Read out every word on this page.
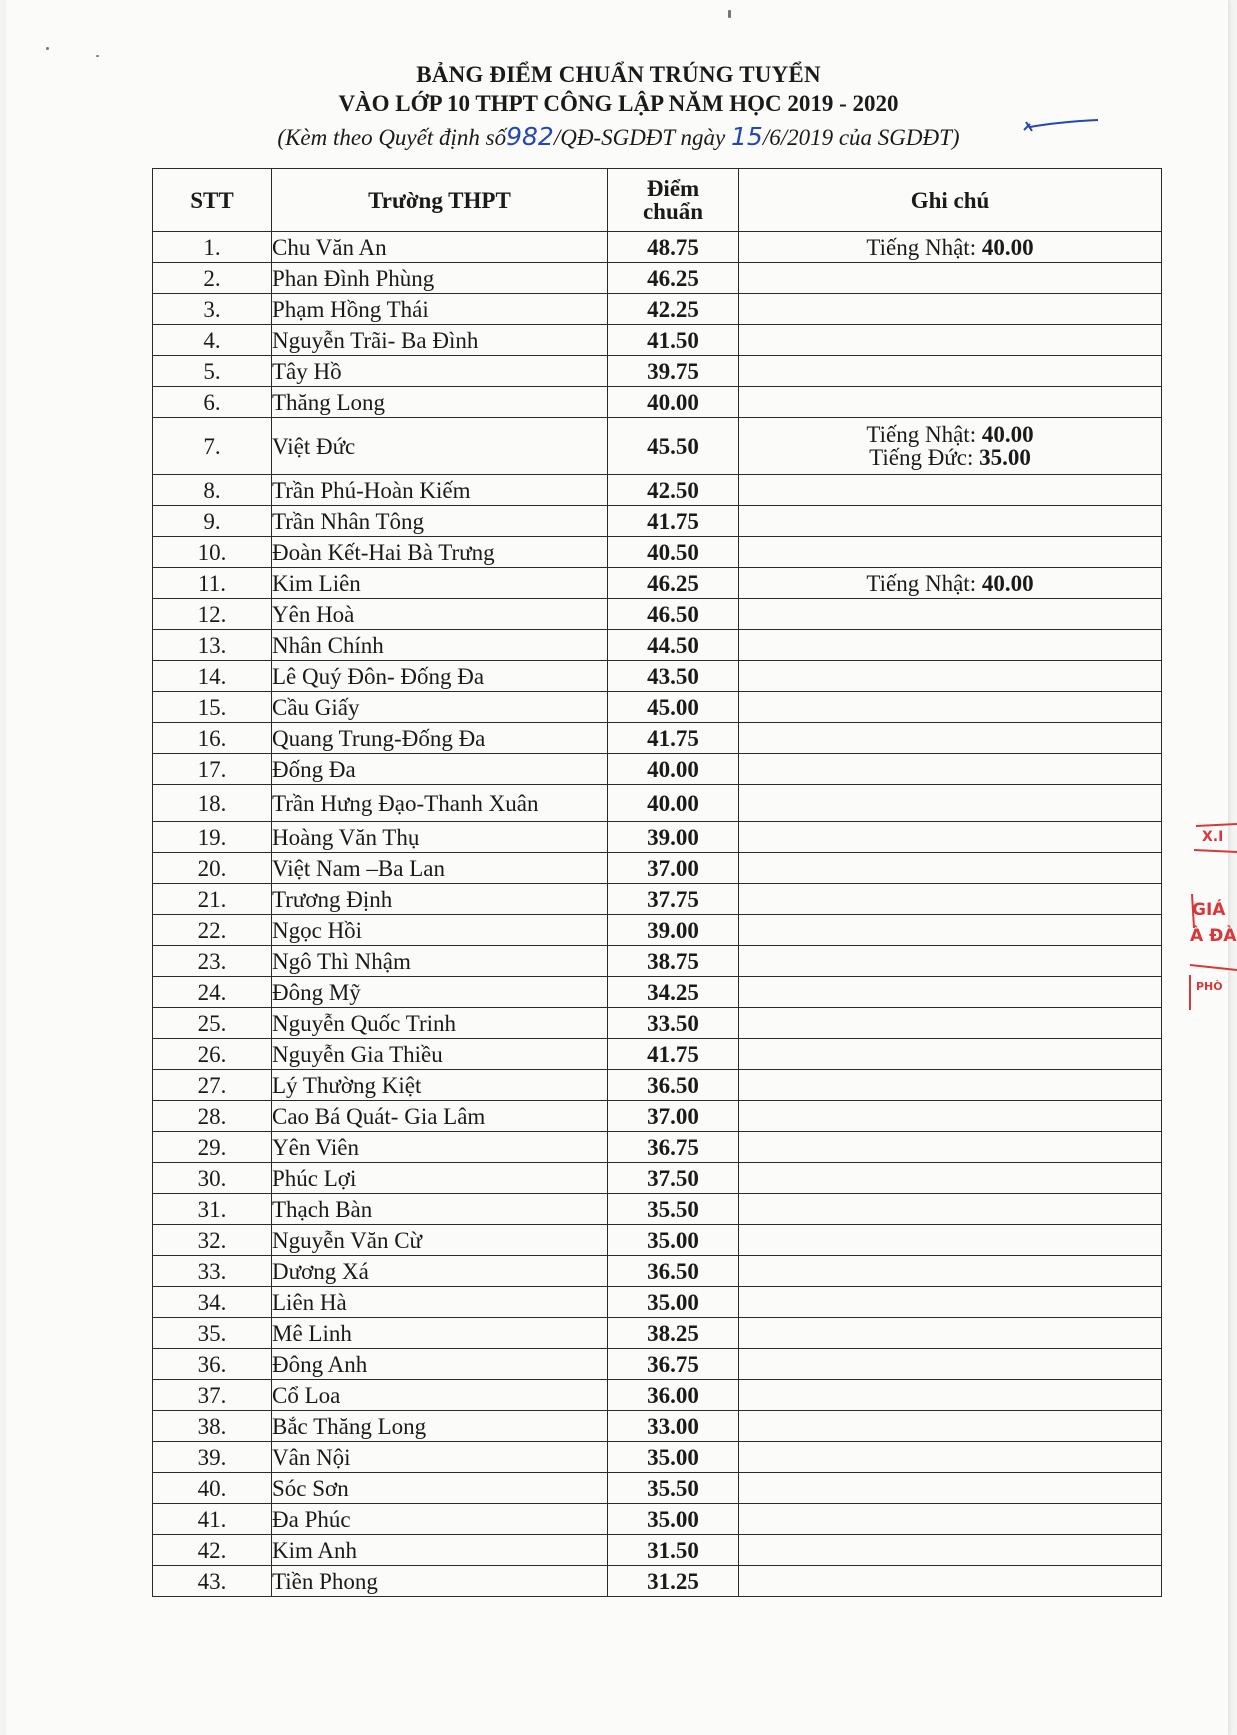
BẢNG ĐIỂM CHUẨN TRÚNG TUYỂN
VÀO LỚP 10 THPT CÔNG LẬP NĂM HỌC 2019 - 2020
(Kèm theo Quyết định số982/QĐ-SGDĐT ngày 15/6/2019 của SGDĐT)
STT	Trường THPT	Điểm chuẩn	Ghi chú
1.	Chu Văn An	48.75	Tiếng Nhật: 40.00

2.	Phan Đình Phùng	46.25	
3.	Phạm Hồng Thái	42.25	
4.	Nguyễn Trãi- Ba Đình	41.50	
5.	Tây Hồ	39.75	
6.	Thăng Long	40.00	
7.	Việt Đức	45.50	Tiếng Nhật: 40.00
Tiếng Đức: 35.00

8.	Trần Phú-Hoàn Kiếm	42.50	
9.	Trần Nhân Tông	41.75	
10.	Đoàn Kết-Hai Bà Trưng	40.50	
11.	Kim Liên	46.25	Tiếng Nhật: 40.00

12.	Yên Hoà	46.50	
13.	Nhân Chính	44.50	
14.	Lê Quý Đôn- Đống Đa	43.50	
15.	Cầu Giấy	45.00	
16.	Quang Trung-Đống Đa	41.75	
17.	Đống Đa	40.00	
18.	Trần Hưng Đạo-Thanh Xuân	40.00	
19.	Hoàng Văn Thụ	39.00	
20.	Việt Nam –Ba Lan	37.00	
21.	Trương Định	37.75	
22.	Ngọc Hồi	39.00	
23.	Ngô Thì Nhậm	38.75	
24.	Đông Mỹ	34.25	
25.	Nguyễn Quốc Trinh	33.50	
26.	Nguyễn Gia Thiều	41.75	
27.	Lý Thường Kiệt	36.50	
28.	Cao Bá Quát- Gia Lâm	37.00	
29.	Yên Viên	36.75	
30.	Phúc Lợi	37.50	
31.	Thạch Bàn	35.50	
32.	Nguyễn Văn Cừ	35.00	
33.	Dương Xá	36.50	
34.	Liên Hà	35.00	
35.	Mê Linh	38.25	
36.	Đông Anh	36.75	
37.	Cổ Loa	36.00	
38.	Bắc Thăng Long	33.00	
39.	Vân Nội	35.00	
40.	Sóc Sơn	35.50	
41.	Đa Phúc	35.00	
42.	Kim Anh	31.50	
43.	Tiền Phong	31.25	
X.I
GIÁ
À ĐÀ
PHÒ
